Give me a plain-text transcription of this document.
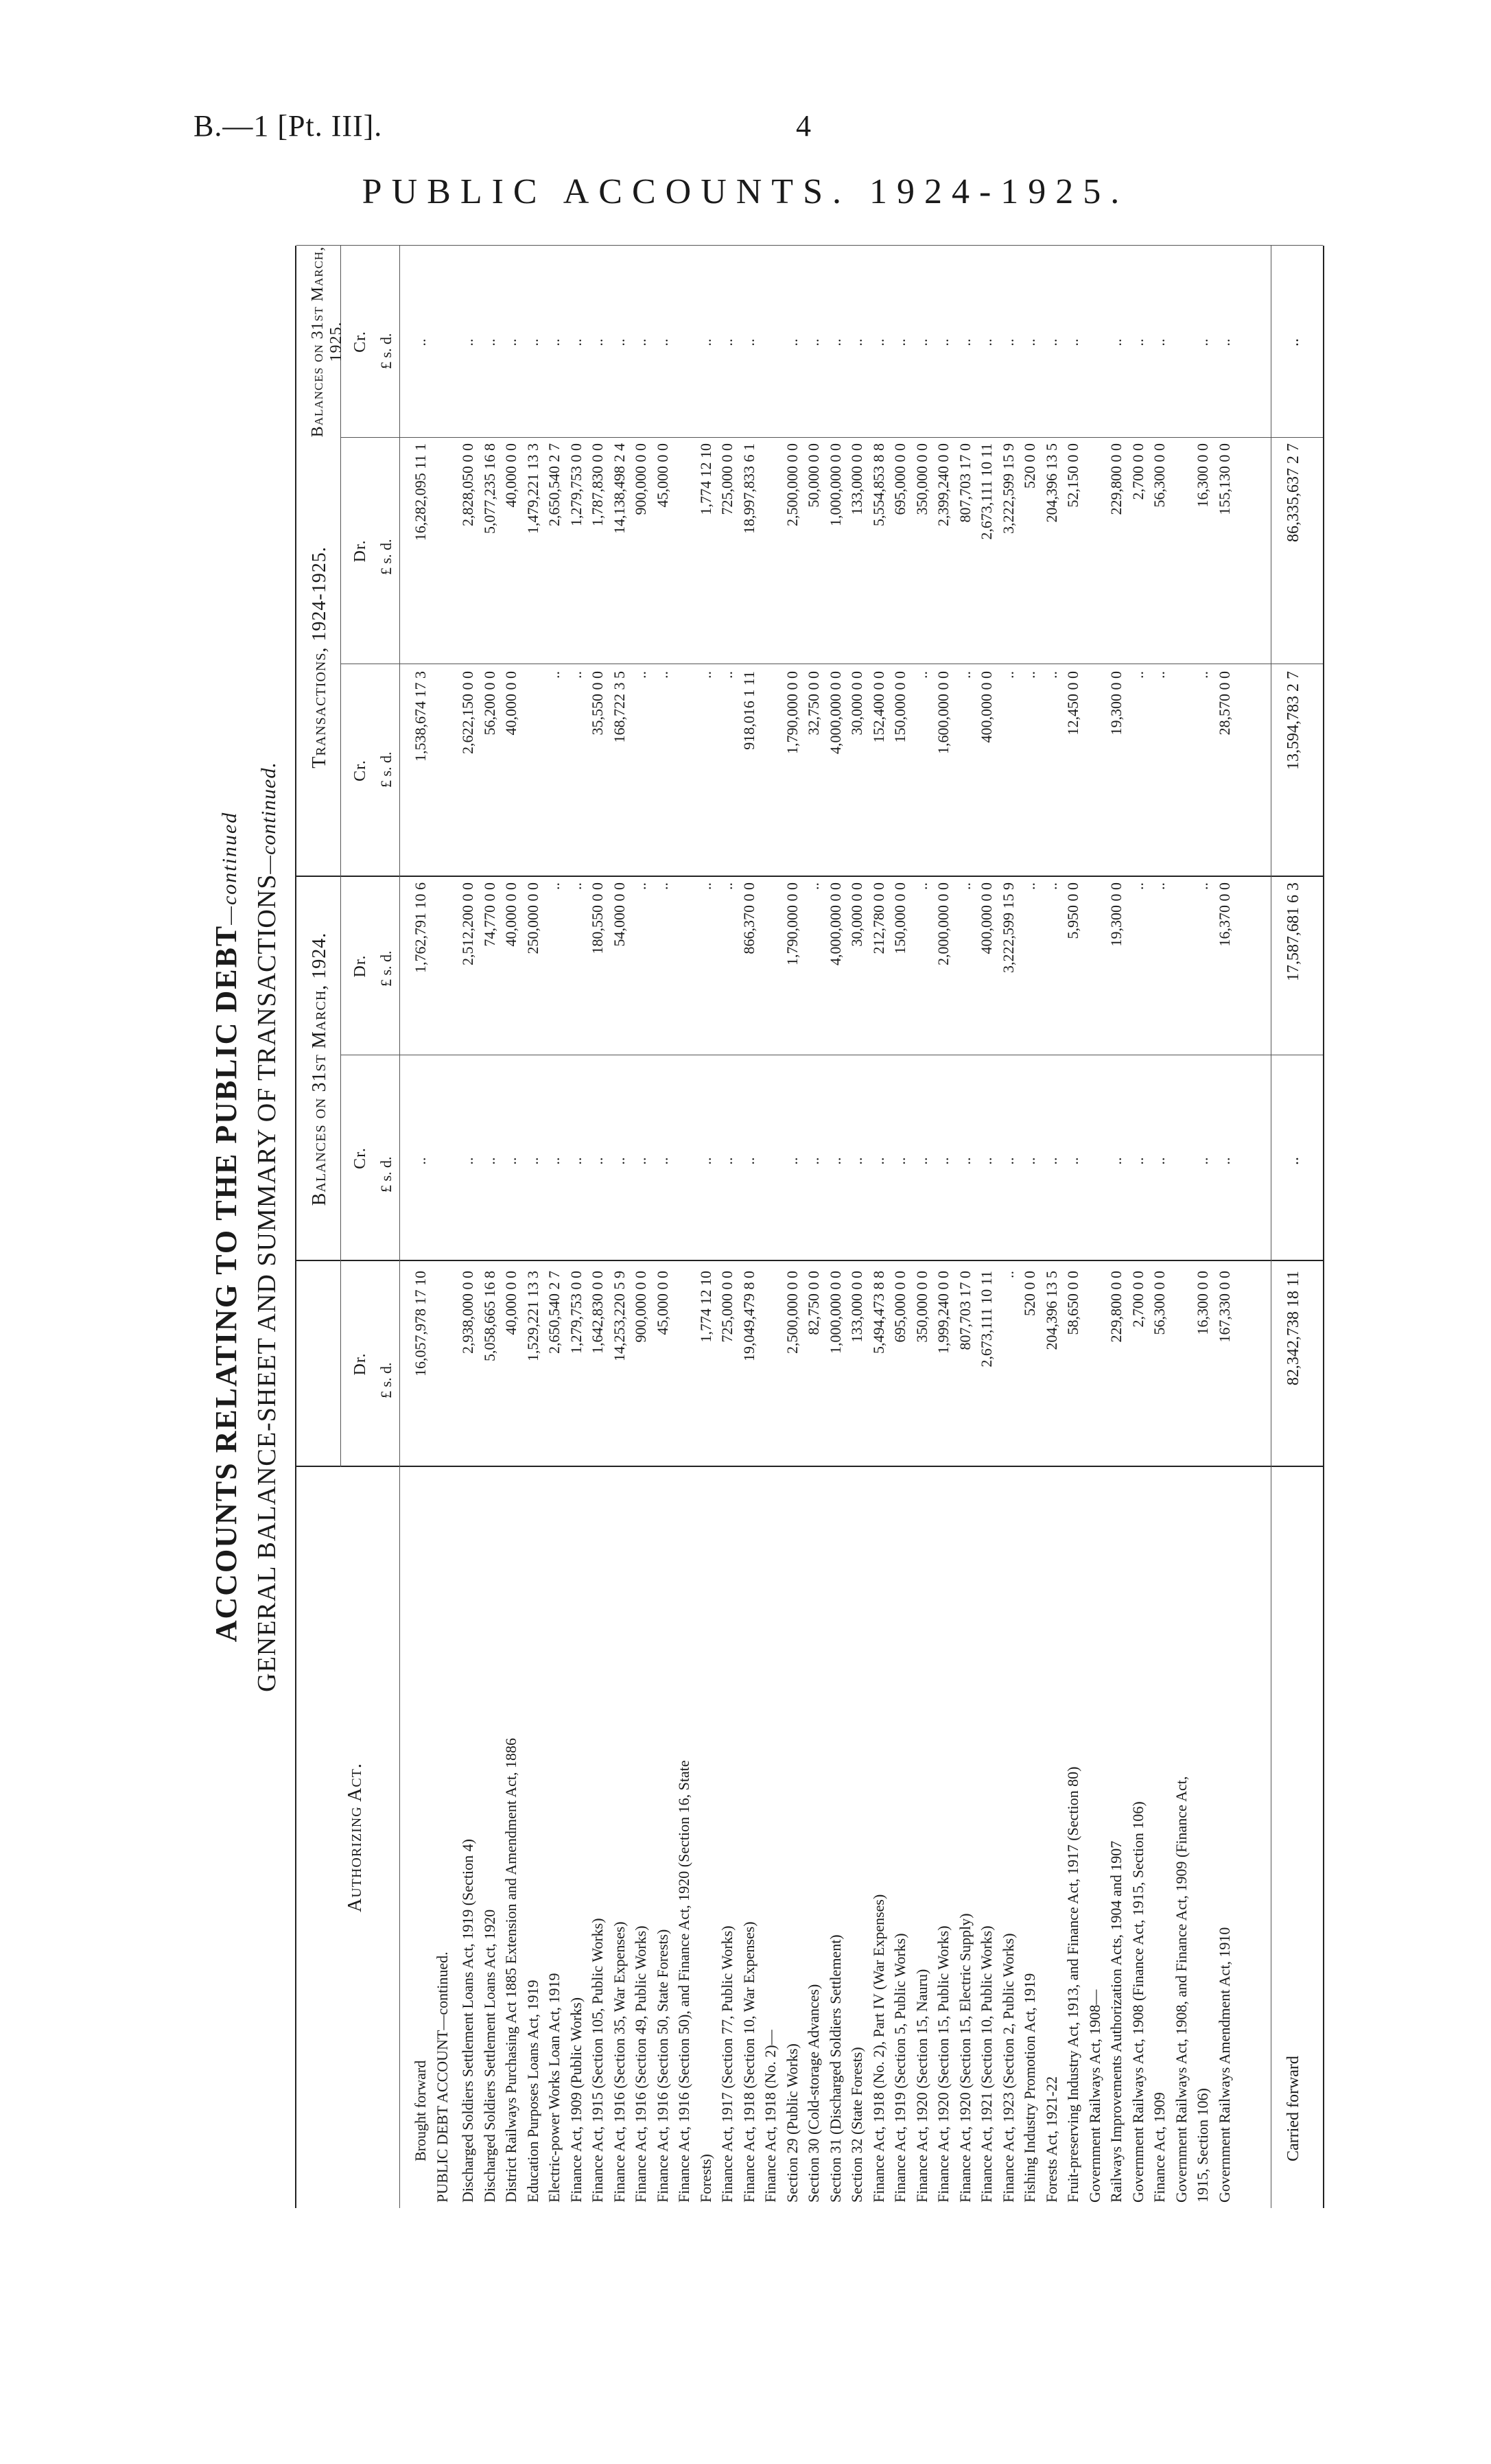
B.—1 [Pt. III].	4
PUBLIC ACCOUNTS. 1924-1925.
ACCOUNTS RELATING TO THE PUBLIC DEBT—continued
GENERAL BALANCE-SHEET AND SUMMARY OF TRANSACTIONS—continued.
Authorizing Act.
Balances on 31st March, 1924.
Transactions, 1924-1925.
Balances on 31st March, 1925.
Dr.
Cr.
Dr.
Cr.
Dr.
Cr.
£ s. d.
£ s. d.
£ s. d.
£ s. d.
£ s. d.
£ s. d.
Brought forward
16,057,978 17 10
..
1,762,791 10 6
1,538,674 17 3
16,282,095 11 1
..
PUBLIC DEBT ACCOUNT—continued. Discharged Soldiers Settlement Loans Act, 1919 (Section 4)
2,938,000 0 0
..
2,512,200 0 0
2,622,150 0 0
2,828,050 0 0
..
Discharged Soldiers Settlement Loans Act, 1920
5,058,665 16 8
..
74,770 0 0
56,200 0 0
5,077,235 16 8
..
District Railways Purchasing Act 1885 Extension and Amendment Act, 1886
40,000 0 0
..
40,000 0 0
40,000 0 0
40,000 0 0
..
Education Purposes Loans Act, 1919
1,529,221 13 3
..
250,000 0 0
1,479,221 13 3
..
Electric-power Works Loan Act, 1919
2,650,540 2 7
..
..
..
2,650,540 2 7
..
Finance Act, 1909 (Public Works)
1,279,753 0 0
..
..
..
1,279,753 0 0
..
Finance Act, 1915 (Section 105, Public Works)
1,642,830 0 0
..
180,550 0 0
35,550 0 0
1,787,830 0 0
..
Finance Act, 1916 (Section 35, War Expenses)
14,253,220 5 9
..
54,000 0 0
168,722 3 5
14,138,498 2 4
..
Finance Act, 1916 (Section 49, Public Works)
900,000 0 0
..
..
..
900,000 0 0
..
Finance Act, 1916 (Section 50, State Forests)
45,000 0 0
..
..
..
45,000 0 0
..
Finance Act, 1916 (Section 50), and Finance Act, 1920 (Section 16, State Forests)
1,774 12 10
..
..
..
1,774 12 10
..
Finance Act, 1917 (Section 77, Public Works)
725,000 0 0
..
..
..
725,000 0 0
..
Finance Act, 1918 (Section 10, War Expenses)
19,049,479 8 0
..
866,370 0 0
918,016 1 11
18,997,833 6 1
..
Finance Act, 1918 (No. 2)— Section 29 (Public Works)
2,500,000 0 0
..
1,790,000 0 0
1,790,000 0 0
2,500,000 0 0
..
Section 30 (Cold-storage Advances)
82,750 0 0
..
..
32,750 0 0
50,000 0 0
..
Section 31 (Discharged Soldiers Settlement)
1,000,000 0 0
..
4,000,000 0 0
4,000,000 0 0
1,000,000 0 0
..
Section 32 (State Forests)
133,000 0 0
..
30,000 0 0
30,000 0 0
133,000 0 0
..
Finance Act, 1918 (No. 2), Part IV (War Expenses)
5,494,473 8 8
..
212,780 0 0
152,400 0 0
5,554,853 8 8
..
Finance Act, 1919 (Section 5, Public Works)
695,000 0 0
..
150,000 0 0
150,000 0 0
695,000 0 0
..
Finance Act, 1920 (Section 15, Nauru)
350,000 0 0
..
..
..
350,000 0 0
..
Finance Act, 1920 (Section 15, Public Works)
1,999,240 0 0
..
2,000,000 0 0
1,600,000 0 0
2,399,240 0 0
..
Finance Act, 1920 (Section 15, Electric Supply)
807,703 17 0
..
..
..
807,703 17 0
..
Finance Act, 1921 (Section 10, Public Works)
2,673,111 10 11
..
400,000 0 0
400,000 0 0
2,673,111 10 11
..
Finance Act, 1923 (Section 2, Public Works)
..
..
3,222,599 15 9
..
3,222,599 15 9
..
Fishing Industry Promotion Act, 1919
520 0 0
..
..
..
520 0 0
..
Forests Act, 1921-22
204,396 13 5
..
..
..
204,396 13 5
..
Fruit-preserving Industry Act, 1913, and Finance Act, 1917 (Section 80)
58,650 0 0
..
5,950 0 0
12,450 0 0
52,150 0 0
..
Government Railways Act, 1908— Railways Improvements Authorization Acts, 1904 and 1907
229,800 0 0
..
19,300 0 0
19,300 0 0
229,800 0 0
..
Government Railways Act, 1908 (Finance Act, 1915, Section 106)
2,700 0 0
..
..
..
2,700 0 0
..
Finance Act, 1909
56,300 0 0
..
..
..
56,300 0 0
..
Government Railways Act, 1908, and Finance Act, 1909 (Finance Act, 1915, Section 106)
16,300 0 0
..
..
..
16,300 0 0
..
Government Railways Amendment Act, 1910
167,330 0 0
..
16,370 0 0
28,570 0 0
155,130 0 0
..
Carried forward
82,342,738 18 11
..
17,587,681 6 3
13,594,783 2 7
86,335,637 2 7
..
